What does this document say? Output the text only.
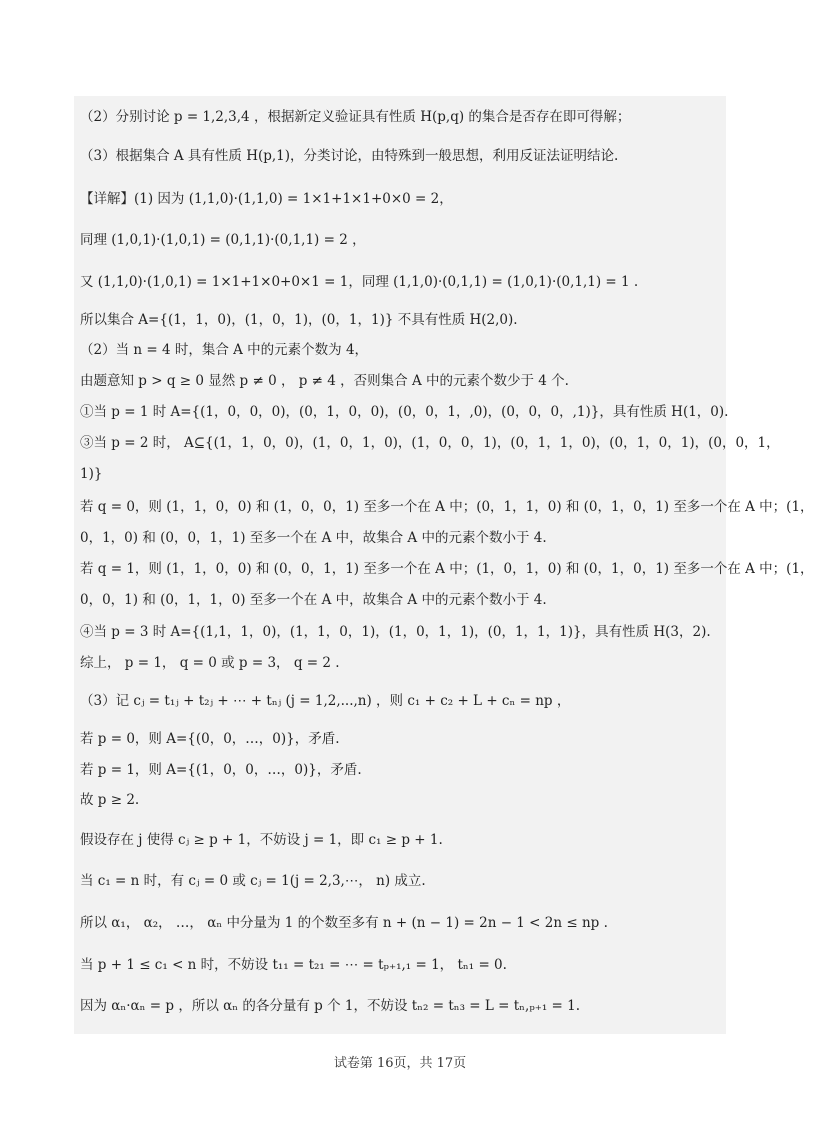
（2）分别讨论 p = 1,2,3,4 ，根据新定义验证具有性质 H(p,q) 的集合是否存在即可得解；
（3）根据集合 A 具有性质 H(p,1)，分类讨论，由特殊到一般思想，利用反证法证明结论.
【详解】(1) 因为 (1,1,0)·(1,1,0) = 1×1+1×1+0×0 = 2，
同理 (1,0,1)·(1,0,1) = (0,1,1)·(0,1,1) = 2 ，
又 (1,1,0)·(1,0,1) = 1×1+1×0+0×1 = 1，同理 (1,1,0)·(0,1,1) = (1,0,1)·(0,1,1) = 1 .
所以集合 A={(1，1，0)，(1，0，1)，(0，1，1)} 不具有性质 H(2,0).
（2）当 n = 4 时，集合 A 中的元素个数为 4，
由题意知 p > q ≥ 0 显然 p ≠ 0 ， p ≠ 4 ，否则集合 A 中的元素个数少于 4 个.
①当 p = 1 时 A={(1，0，0，0)，(0，1，0，0)，(0，0，1，,0)，(0，0，0，,1)}，具有性质 H(1，0).
③当 p = 2 时， A⊆{(1，1，0，0)，(1，0，1，0)，(1，0，0，1)，(0，1，1，0)，(0，1，0，1)，(0，0，1，
1)}
若 q = 0，则 (1，1，0，0) 和 (1，0，0，1) 至多一个在 A 中；(0，1，1，0) 和 (0，1，0，1) 至多一个在 A 中；(1，
0，1，0) 和 (0，0，1，1) 至多一个在 A 中，故集合 A 中的元素个数小于 4.
若 q = 1，则 (1，1，0，0) 和 (0，0，1，1) 至多一个在 A 中；(1，0，1，0) 和 (0，1，0，1) 至多一个在 A 中；(1，
0，0，1) 和 (0，1，1，0) 至多一个在 A 中，故集合 A 中的元素个数小于 4.
④当 p = 3 时 A={(1,1，1，0)，(1，1，0，1)，(1，0，1，1)，(0，1，1，1)}，具有性质 H(3，2).
综上， p = 1， q = 0 或 p = 3， q = 2 .
（3）记 cⱼ = t₁ⱼ + t₂ⱼ + ⋯ + tₙⱼ (j = 1,2,...,n) ，则 c₁ + c₂ + L + cₙ = np ，
若 p = 0，则 A={(0，0，…，0)}，矛盾.
若 p = 1，则 A={(1，0，0，…，0)}，矛盾.
故 p ≥ 2.
假设存在 j 使得 cⱼ ≥ p + 1，不妨设 j = 1，即 c₁ ≥ p + 1.
当 c₁ = n 时，有 cⱼ = 0 或 cⱼ = 1(j = 2,3,⋯， n) 成立.
所以 α₁， α₂， …， αₙ 中分量为 1 的个数至多有 n + (n − 1) = 2n − 1 < 2n ≤ np .
当 p + 1 ≤ c₁ < n 时，不妨设 t₁₁ = t₂₁ = ⋯ = tₚ₊₁,₁ = 1， tₙ₁ = 0.
因为 αₙ·αₙ = p ，所以 αₙ 的各分量有 p 个 1，不妨设 tₙ₂ = tₙ₃ = L = tₙ,ₚ₊₁ = 1.
试卷第 16页，共 17页
